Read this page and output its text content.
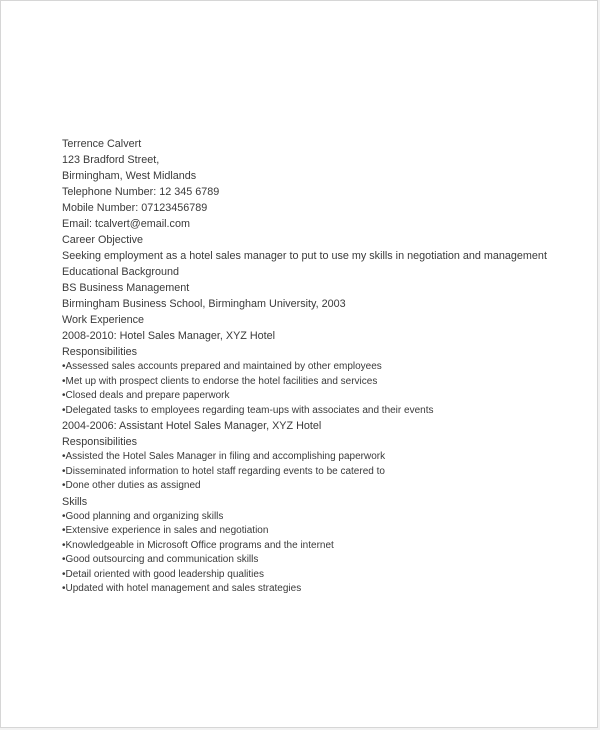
Terrence Calvert
123 Bradford Street,
Birmingham, West Midlands
Telephone Number: 12 345 6789
Mobile Number: 07123456789
Email: tcalvert@email.com
Career Objective
Seeking employment as a hotel sales manager to put to use my skills in negotiation and management
Educational Background
BS Business Management
Birmingham Business School, Birmingham University, 2003
Work Experience
2008-2010: Hotel Sales Manager, XYZ Hotel
Responsibilities
•Assessed sales accounts prepared and maintained by other employees
•Met up with prospect clients to endorse the hotel facilities and services
•Closed deals and prepare paperwork
•Delegated tasks to employees regarding team-ups with associates and their events
2004-2006: Assistant Hotel Sales Manager, XYZ Hotel
Responsibilities
•Assisted the Hotel Sales Manager in filing and accomplishing paperwork
•Disseminated information to hotel staff regarding events to be catered to
•Done other duties as assigned
Skills
•Good planning and organizing skills
•Extensive experience in sales and negotiation
•Knowledgeable in Microsoft Office programs and the internet
•Good outsourcing and communication skills
•Detail oriented with good leadership qualities
•Updated with hotel management and sales strategies
